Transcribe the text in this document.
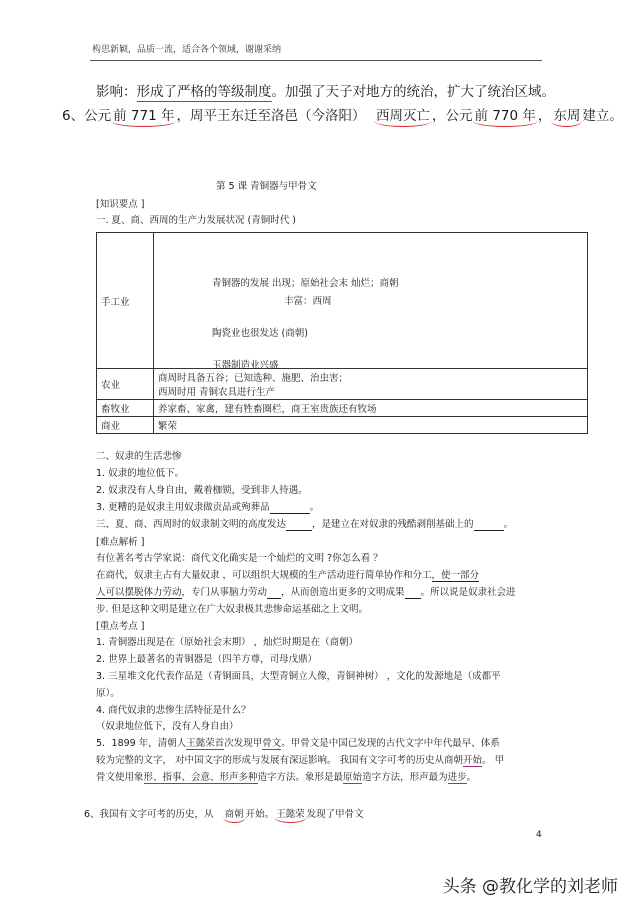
构思新颖，品质一流，适合各个领域，谢谢采纳
影响：形成了严格的等级制度。加强了天子对地方的统治，扩大了统治区域。
6、公元 前 771 年 ，周平王东迁至洛邑（今洛阳） 西周灭亡 ，公元 前 770 年 ， 东周 建立。
第 5 课 青铜器与甲骨文
[知识要点 ]
一. 夏、商、西周的生产力发展状况 (青铜时代 )
手工业	青铜器的发展 出现；原始社会末 灿烂；商朝
丰富：西周
陶瓷业也很发达 (商朝)
玉器制造业兴盛

农业	商周时具备五谷；已知选种、施肥、治虫害；
西周时用 青铜农具进行生产

畜牧业	养家畜、家禽，建有牲畜圈栏，商王室贵族还有牧场
商业	繁荣
二、奴隶的生活悲惨
1. 奴隶的地位低下。
2. 奴隶没有人身自由，戴着枷锁，受到非人待遇。
3. 更糟的是奴隶主用奴隶做贡品或殉葬品	。
三、夏、商、西周时的奴隶制文明的高度发达	，是建立在对奴隶的残酷剥削基础上的	。
[难点解析 ]
有位著名考古学家说：商代文化确实是一个灿烂的文明 ?你怎么看 ？
在商代，奴隶主占有大量奴隶 ，可以组织大规模的生产活动进行简单协作和分工，使一部分
人可以摆脱体力劳动，专门从事脑力劳动 ，从而创造出更多的文明成果 。所以说是奴隶社会进
步. 但是这种文明是建立在广大奴隶极其悲惨命运基础之上文明。
[重点考点 ]
1. 青铜器出现是在（原始社会末期） ，灿烂时期是在（商朝）
2. 世界上最著名的青铜器是（四羊方尊，司母戊鼎）
3. 三星堆文化代表作品是（青铜面具，大型青铜立人像，青铜神树） ，文化的发源地是（成都平
原）。
4. 商代奴隶的悲惨生活特征是什么？
（奴隶地位低下，没有人身自由）
5．1899 年，清朝人王懿荣首次发现甲骨文。甲骨文是中国已发现的古代文字中年代最早、体系
较为完整的文字， 对中国文字的形成与发展有深远影响。 我国有文字可考的历史从商朝开始。 甲
骨文使用象形、指事、会意、形声多种造字方法。象形是最原始造字方法，形声最为进步。
6、我国有文字可考的历史，从 商朝 开始。 王懿荣 发现了甲骨文
4
头条 @教化学的刘老师
